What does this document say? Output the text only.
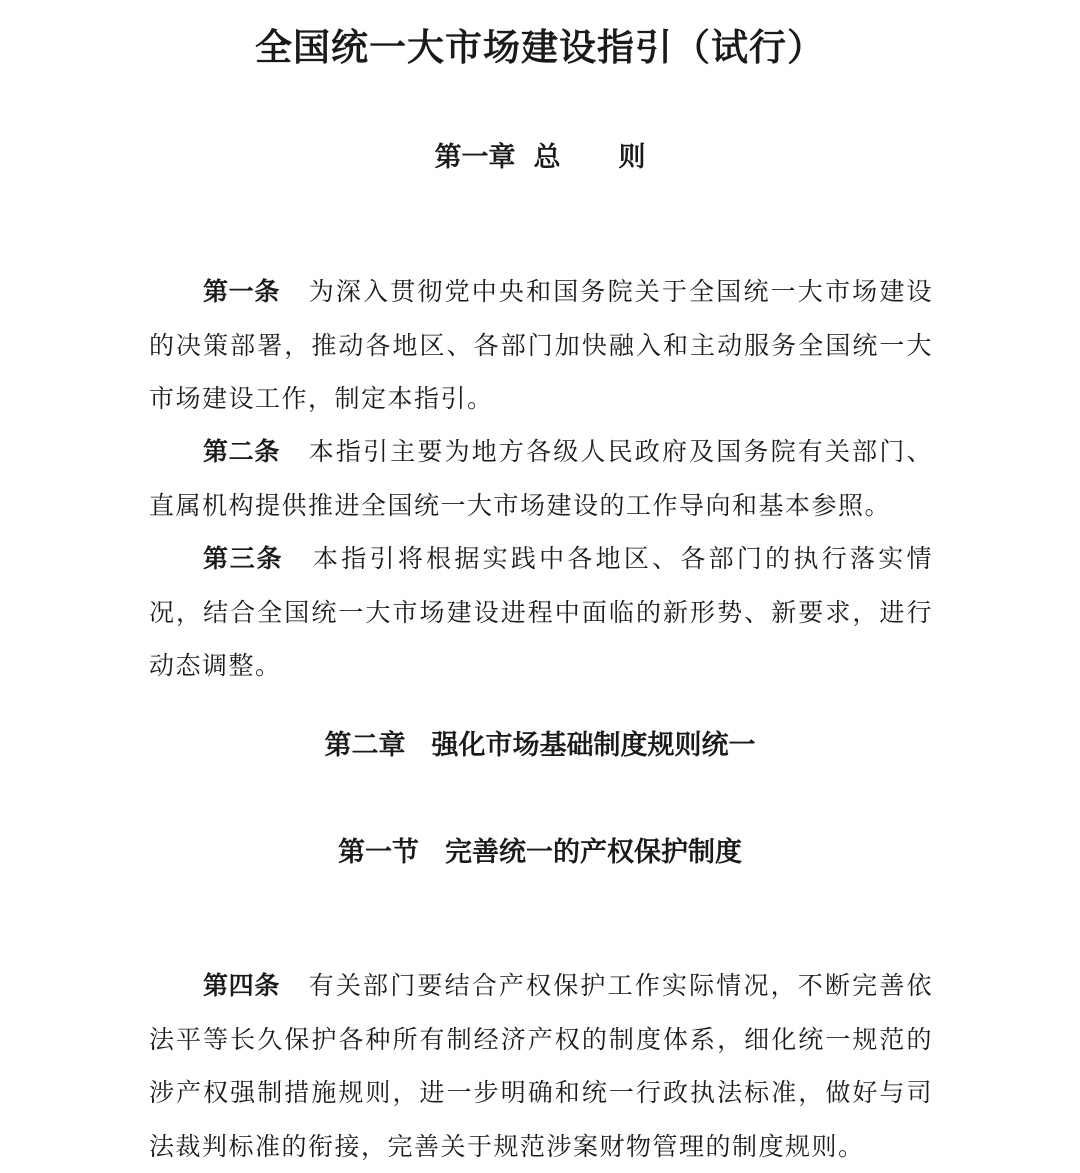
全国统一大市场建设指引（试行）
第一章 总 则

第一条 为深入贯彻党中央和国务院关于全国统一大市场建设的决策部署，推动各地区、各部门加快融入和主动服务全国统一大市场建设工作，制定本指引。

第二条 本指引主要为地方各级人民政府及国务院有关部门、直属机构提供推进全国统一大市场建设的工作导向和基本参照。

第三条 本指引将根据实践中各地区、各部门的执行落实情况，结合全国统一大市场建设进程中面临的新形势、新要求，进行动态调整。

第二章 强化市场基础制度规则统一
第一节 完善统一的产权保护制度

第四条 有关部门要结合产权保护工作实际情况，不断完善依法平等长久保护各种所有制经济产权的制度体系，细化统一规范的涉产权强制措施规则，进一步明确和统一行政执法标准，做好与司法裁判标准的衔接，完善关于规范涉案财物管理的制度规则。
